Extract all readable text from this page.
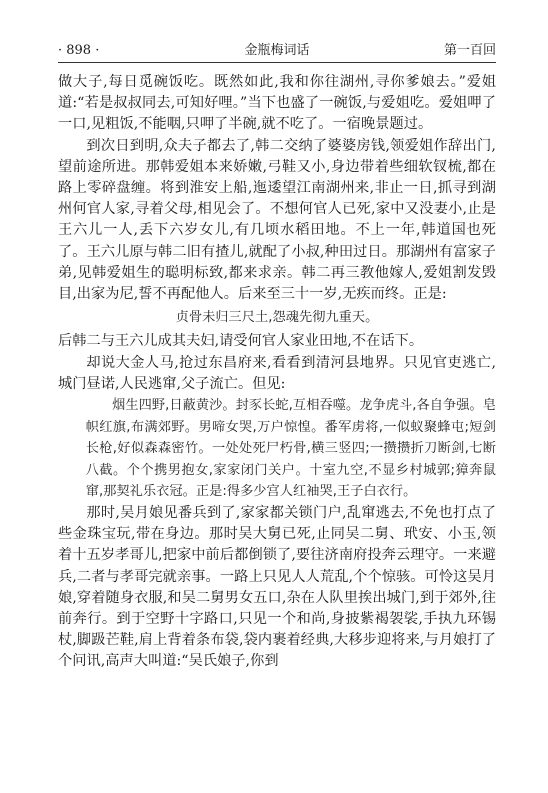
· 898 ·	金瓶梅词话	第一百回

做大子,每日觅碗饭吃。既然如此,我和你往湖州,寻你爹娘去。”爱姐道:“若是叔叔同去,可知好哩。”当下也盛了一碗饭,与爱姐吃。爱姐呷了一口,见粗饭,不能咽,只呷了半碗,就不吃了。一宿晚景题过。

到次日到明,众夫子都去了,韩二交纳了婆婆房钱,领爱姐作辞出门,望前途所进。那韩爱姐本来娇嫩,弓鞋又小,身边带着些细软钗梳,都在路上零碎盘缠。将到淮安上船,迤逶望江南湖州来,非止一日,抓寻到湖州何官人家,寻着父母,相见会了。不想何官人已死,家中又没妻小,止是王六儿一人,丢下六岁女儿,有几顷水稻田地。不上一年,韩道国也死了。王六儿原与韩二旧有揸儿,就配了小叔,种田过日。那湖州有富家子弟,见韩爱姐生的聪明标致,都来求亲。韩二再三教他嫁人,爱姐割发毁目,出家为尼,誓不再配他人。后来至三十一岁,无疾而终。正是:

贞骨未归三尺土,怨魂先彻九重天。

后韩二与王六儿成其夫妇,请受何官人家业田地,不在话下。

却说大金人马,抢过东昌府来,看看到清河县地界。只见官吏逃亡,城门昼诺,人民逃窜,父子流亡。但见:

烟生四野,日蔽黄沙。封豕长蛇,互相吞噬。龙争虎斗,各自争强。皂帜红旗,布满郊野。男啼女哭,万户惊惶。番军虏将,一似蚁聚蜂屯;短剑长枪,好似森森密竹。一处处死尸朽骨,横三竖四;一攒攒折刀断剑,七断八截。个个携男抱女,家家闭门关户。十室九空,不显乡村城郭;獐奔鼠窜,那契礼乐衣冠。正是:得多少宫人红袖哭,王子白衣行。

那时,吴月娘见番兵到了,家家都关锁门户,乱窜逃去,不免也打点了些金珠宝玩,带在身边。那时吴大舅已死,止同吴二舅、玳安、小玉,领着十五岁孝哥儿,把家中前后都倒锁了,要往济南府投奔云理守。一来避兵,二者与孝哥完就亲事。一路上只见人人荒乱,个个惊骇。可怜这吴月娘,穿着随身衣服,和吴二舅男女五口,杂在人队里挨出城门,到于郊外,往前奔行。到于空野十字路口,只见一个和尚,身披紫褐袈裟,手执九环锡杖,脚趿芒鞋,肩上背着条布袋,袋内裹着经典,大移步迎将来,与月娘打了个问讯,高声大叫道:“吴氏娘子,你到
